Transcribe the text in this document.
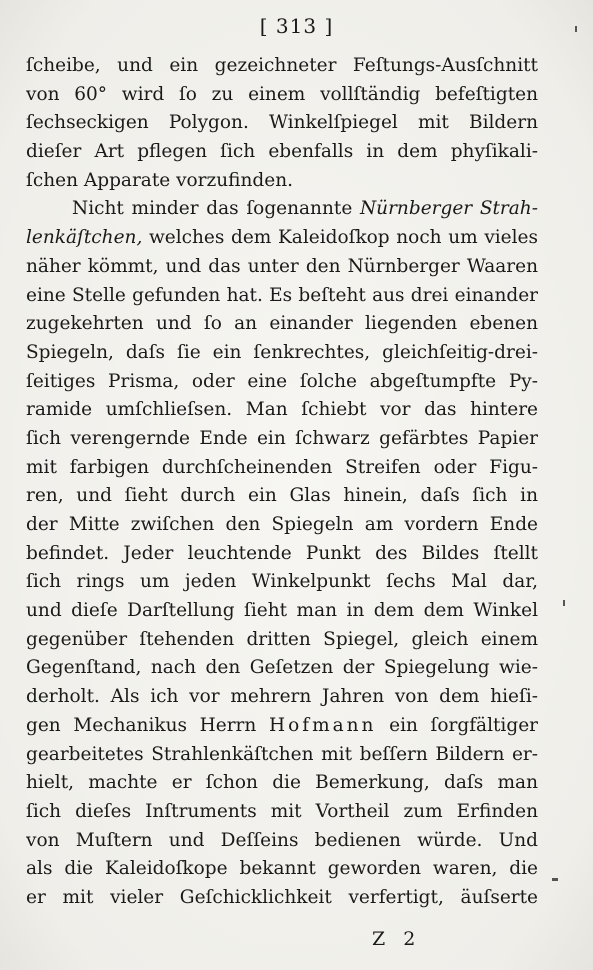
[ 313 ]
ſcheibe, und ein gezeichneter Feſtungs-Ausſchnitt
von 60° wird ſo zu einem vollſtändig befeſtigten
ſechseckigen Polygon. Winkelſpiegel mit Bildern
dieſer Art pflegen ſich ebenfalls in dem phyſikali-
ſchen Apparate vorzufinden.
Nicht minder das ſogenannte Nürnberger Strah-
lenkäſtchen, welches dem Kaleidoſkop noch um vieles
näher kömmt, und das unter den Nürnberger Waaren
eine Stelle gefunden hat. Es beſteht aus drei einander
zugekehrten und ſo an einander liegenden ebenen
Spiegeln, daſs ſie ein ſenkrechtes, gleichſeitig-drei-
ſeitiges Prisma, oder eine ſolche abgeſtumpfte Py-
ramide umſchlieſsen. Man ſchiebt vor das hintere
ſich verengernde Ende ein ſchwarz gefärbtes Papier
mit farbigen durchſcheinenden Streifen oder Figu-
ren, und ſieht durch ein Glas hinein, daſs ſich in
der Mitte zwiſchen den Spiegeln am vordern Ende
befindet. Jeder leuchtende Punkt des Bildes ſtellt
ſich rings um jeden Winkelpunkt ſechs Mal dar,
und dieſe Darſtellung ſieht man in dem dem Winkel
gegenüber ſtehenden dritten Spiegel, gleich einem
Gegenſtand, nach den Geſetzen der Spiegelung wie-
derholt. Als ich vor mehrern Jahren von dem hieſi-
gen Mechanikus Herrn Hofmann ein ſorgfältiger
gearbeitetes Strahlenkäſtchen mit beſſern Bildern er-
hielt, machte er ſchon die Bemerkung, daſs man
ſich dieſes Inſtruments mit Vortheil zum Erfinden
von Muſtern und Deſſeins bedienen würde. Und
als die Kaleidoſkope bekannt geworden waren, die
er mit vieler Geſchicklichkeit verfertigt, äuſserte
Z 2
